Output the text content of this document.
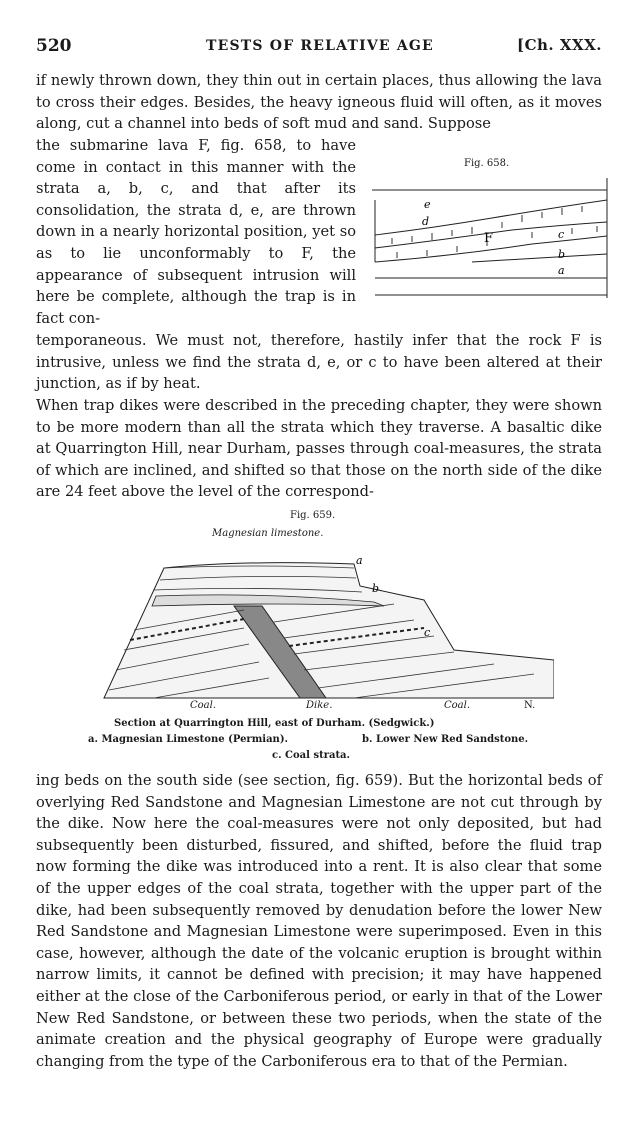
520	TESTS OF RELATIVE AGE	[Ch. XXX.
if newly thrown down, they thin out in certain places, thus allowing the lava to cross their edges. Besides, the heavy igneous fluid will often, as it moves along, cut a channel into beds of soft mud and sand. Suppose
the submarine lava F, fig. 658, to have come in contact in this manner with the strata a, b, c, and that after its consolidation, the strata d, e, are thrown down in a nearly horizontal position, yet so as to lie unconformably to F, the appearance of subsequent intrusion will here be complete, although the trap is in fact con-
Fig. 658.
e
d
F	c
b
a
temporaneous. We must not, therefore, hastily infer that the rock F is intrusive, unless we find the strata d, e, or c to have been altered at their junction, as if by heat.
When trap dikes were described in the preceding chapter, they were shown to be more modern than all the strata which they traverse. A basaltic dike at Quarrington Hill, near Durham, passes through coal-measures, the strata of which are inclined, and shifted so that those on the north side of the dike are 24 feet above the level of the correspond-
Fig. 659.
Magnesian limestone.
a
b
c
Coal.	Dike.	Coal.	N.
Section at Quarrington Hill, east of Durham. (Sedgwick.)
a. Magnesian Limestone (Permian).	b. Lower New Red Sandstone.
c. Coal strata.
ing beds on the south side (see section, fig. 659). But the horizontal beds of overlying Red Sandstone and Magnesian Limestone are not cut through by the dike. Now here the coal-measures were not only deposited, but had subsequently been disturbed, fissured, and shifted, before the fluid trap now forming the dike was introduced into a rent. It is also clear that some of the upper edges of the coal strata, together with the upper part of the dike, had been subsequently removed by denudation before the lower New Red Sandstone and Magnesian Limestone were superimposed. Even in this case, however, although the date of the volcanic eruption is brought within narrow limits, it cannot be defined with precision; it may have happened either at the close of the Carboniferous period, or early in that of the Lower New Red Sandstone, or between these two periods, when the state of the animate creation and the physical geography of Europe were gradually changing from the type of the Carboniferous era to that of the Permian.
